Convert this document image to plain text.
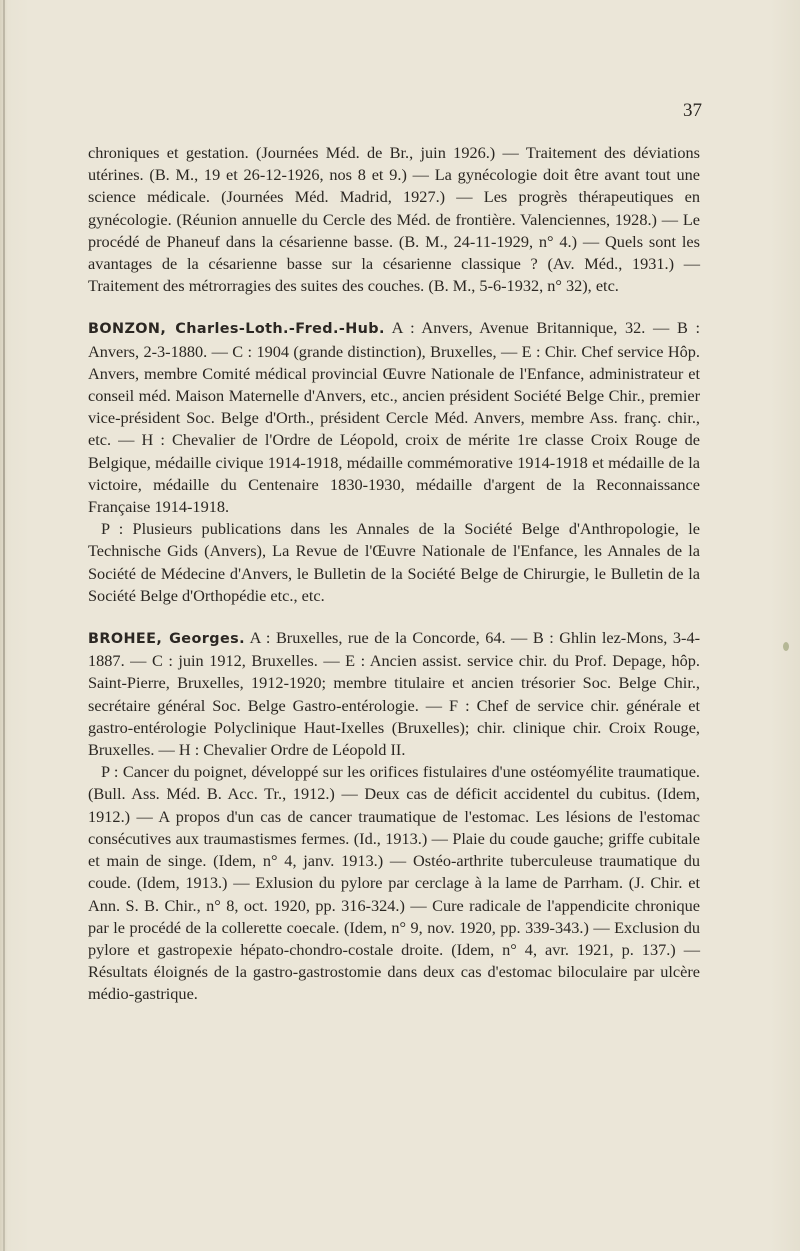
37

chroniques et gestation. (Journées Méd. de Br., juin 1926.) — Traitement des déviations utérines. (B. M., 19 et 26-12-1926, nos 8 et 9.) — La gynécologie doit être avant tout une science médicale. (Journées Méd. Madrid, 1927.) — Les progrès thérapeutiques en gynécologie. (Réunion annuelle du Cercle des Méd. de frontière. Valenciennes, 1928.) — Le procédé de Phaneuf dans la césarienne basse. (B. M., 24-11-1929, n° 4.) — Quels sont les avantages de la césarienne basse sur la césarienne classique ? (Av. Méd., 1931.) — Traitement des métrorragies des suites des couches. (B. M., 5-6-1932, n° 32), etc.

BONZON, Charles-Loth.-Fred.-Hub. A : Anvers, Avenue Britannique, 32. — B : Anvers, 2-3-1880. — C : 1904 (grande distinction), Bruxelles, — E : Chir. Chef service Hôp. Anvers, membre Comité médical provincial Œuvre Nationale de l'Enfance, administrateur et conseil méd. Maison Maternelle d'Anvers, etc., ancien président Société Belge Chir., premier vice-président Soc. Belge d'Orth., président Cercle Méd. Anvers, membre Ass. franç. chir., etc. — H : Chevalier de l'Ordre de Léopold, croix de mérite 1re classe Croix Rouge de Belgique, médaille civique 1914-1918, médaille commémorative 1914-1918 et médaille de la victoire, médaille du Centenaire 1830-1930, médaille d'argent de la Reconnaissance Française 1914-1918.

P : Plusieurs publications dans les Annales de la Société Belge d'Anthropologie, le Technische Gids (Anvers), La Revue de l'Œuvre Nationale de l'Enfance, les Annales de la Société de Médecine d'Anvers, le Bulletin de la Société Belge de Chirurgie, le Bulletin de la Société Belge d'Orthopédie etc., etc.

BROHEE, Georges. A : Bruxelles, rue de la Concorde, 64. — B : Ghlin lez-Mons, 3-4-1887. — C : juin 1912, Bruxelles. — E : Ancien assist. service chir. du Prof. Depage, hôp. Saint-Pierre, Bruxelles, 1912-1920; membre titulaire et ancien trésorier Soc. Belge Chir., secrétaire général Soc. Belge Gastro-entérologie. — F : Chef de service chir. générale et gastro-entérologie Polyclinique Haut-Ixelles (Bruxelles); chir. clinique chir. Croix Rouge, Bruxelles. — H : Chevalier Ordre de Léopold II.

P : Cancer du poignet, développé sur les orifices fistulaires d'une ostéomyélite traumatique. (Bull. Ass. Méd. B. Acc. Tr., 1912.) — Deux cas de déficit accidentel du cubitus. (Idem, 1912.) — A propos d'un cas de cancer traumatique de l'estomac. Les lésions de l'estomac consécutives aux traumastismes fermes. (Id., 1913.) — Plaie du coude gauche; griffe cubitale et main de singe. (Idem, n° 4, janv. 1913.) — Ostéo-arthrite tuberculeuse traumatique du coude. (Idem, 1913.) — Exlusion du pylore par cerclage à la lame de Parrham. (J. Chir. et Ann. S. B. Chir., n° 8, oct. 1920, pp. 316-324.) — Cure radicale de l'appendicite chronique par le procédé de la collerette coecale. (Idem, n° 9, nov. 1920, pp. 339-343.) — Exclusion du pylore et gastropexie hépato-chondro-costale droite. (Idem, n° 4, avr. 1921, p. 137.) — Résultats éloignés de la gastro-gastrostomie dans deux cas d'estomac biloculaire par ulcère médio-gastrique.
